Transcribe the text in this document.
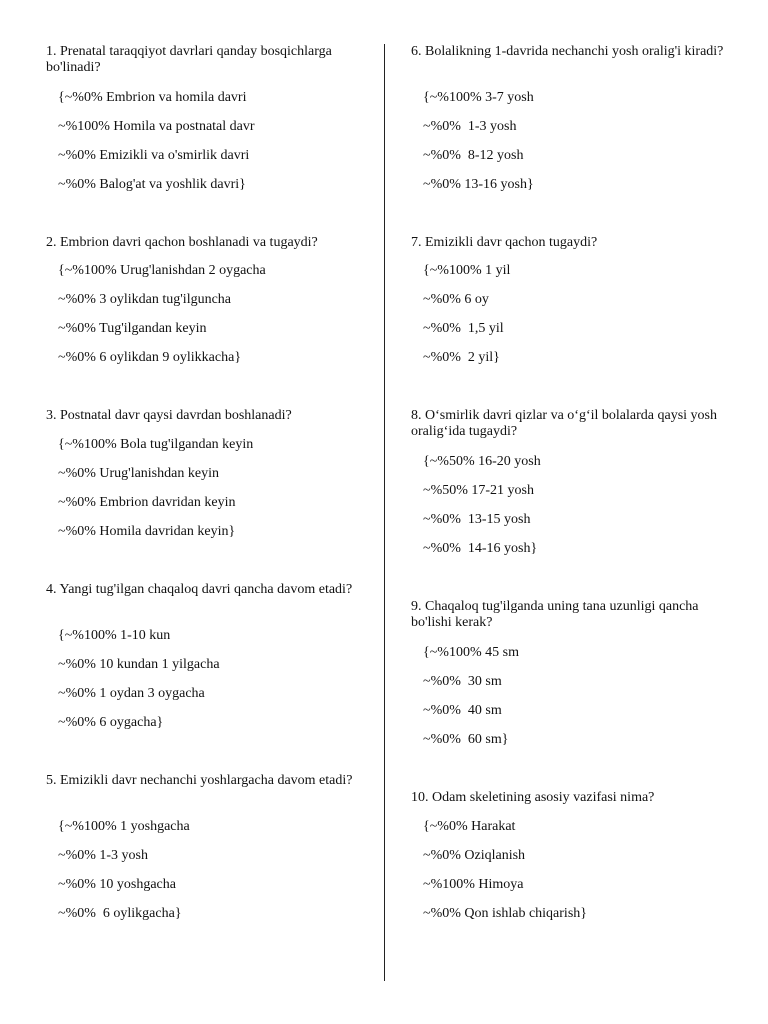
1. Prenatal taraqqiyot davrlari qanday bosqichlarga bo'linadi?

{~%0% Embrion va homila davri
~%100% Homila va postnatal davr
~%0% Emizikli va o'smirlik davri
~%0% Balog'at va yoshlik davri}

2. Embrion davri qachon boshlanadi va tugaydi?

{~%100% Urug'lanishdan 2 oygacha
~%0% 3 oylikdan tug'ilguncha
~%0% Tug'ilgandan keyin
~%0% 6 oylikdan 9 oylikkacha}

3. Postnatal davr qaysi davrdan boshlanadi?

{~%100% Bola tug'ilgandan keyin
~%0% Urug'lanishdan keyin
~%0% Embrion davridan keyin
~%0% Homila davridan keyin}

4. Yangi tug'ilgan chaqaloq davri qancha davom etadi?

{~%100% 1-10 kun
~%0% 10 kundan 1 yilgacha
~%0% 1 oydan 3 oygacha
~%0% 6 oygacha}

5. Emizikli davr nechanchi yoshlargacha davom etadi?

{~%100% 1 yoshgacha
~%0% 1-3 yosh
~%0% 10 yoshgacha
~%0%  6 oylikgacha}

6. Bolalikning 1-davrida nechanchi yosh oralig'i kiradi?

{~%100% 3-7 yosh
~%0%  1-3 yosh
~%0%  8-12 yosh
~%0% 13-16 yosh}

7. Emizikli davr qachon tugaydi?

{~%100% 1 yil
~%0% 6 oy
~%0%  1,5 yil
~%0%  2 yil}

8. O‘smirlik davri qizlar va o‘g‘il bolalarda qaysi yosh oralig‘ida tugaydi?

{~%50% 16-20 yosh
~%50% 17-21 yosh
~%0%  13-15 yosh
~%0%  14-16 yosh}

9. Chaqaloq tug'ilganda uning tana uzunligi qancha bo'lishi kerak?

{~%100% 45 sm
~%0%  30 sm
~%0%  40 sm
~%0%  60 sm}

10. Odam skeletining asosiy vazifasi nima?

{~%0% Harakat
~%0% Oziqlanish
~%100% Himoya
~%0% Qon ishlab chiqarish}
